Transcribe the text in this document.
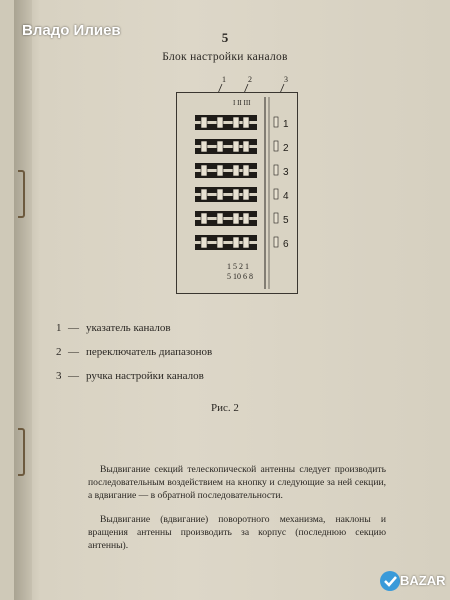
Владо Илиев	5
Блок настройки каналов
1	2	3
I II III
1
2
3
4
5
6
1 5 2 1
5 10 6 8
1 — указатель каналов
2 — переключатель диапазонов
3 — ручка настройки каналов
Рис. 2
Выдвигание секций телескопической антенны следует производить последовательным воздействием на кнопку и следующие за ней секции, а вдвигание — в обратной последовательности.
Выдвигание (вдвигание) поворотного механизма, наклоны и вращения антенны производить за корпус (последнюю секцию антенны).
BAZAR
